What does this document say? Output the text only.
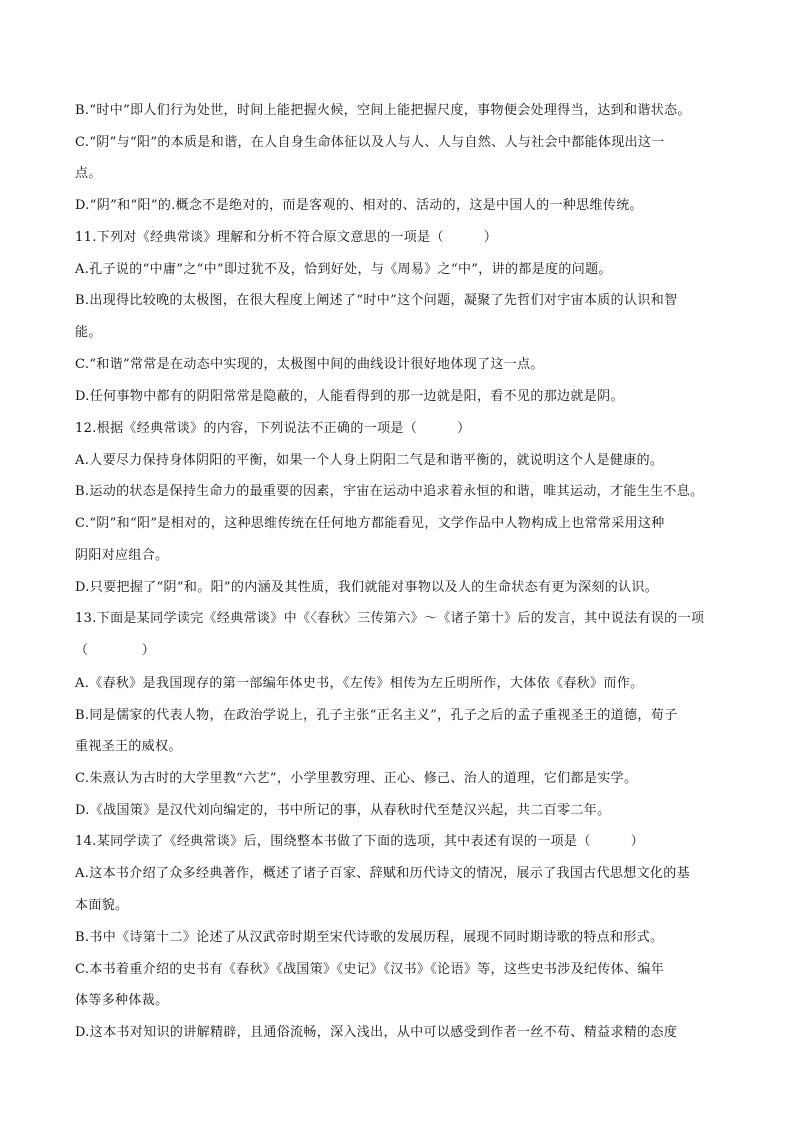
B.“时中”即人们行为处世，时间上能把握火候，空间上能把握尺度，事物便会处理得当，达到和谐状态。
C.“阴”与“阳”的本质是和谐，在人自身生命体征以及人与人、人与自然、人与社会中都能体现出这一
点。
D.“阴”和“阳”的.概念不是绝对的，而是客观的、相对的、活动的，这是中国人的一种思维传统。
11.下列对《经典常谈》理解和分析不符合原文意思的一项是（　　　）
A.孔子说的“中庸”之“中”即过犹不及，恰到好处，与《周易》之“中”，讲的都是度的问题。
B.出现得比较晚的太极图，在很大程度上阐述了“时中”这个问题，凝聚了先哲们对宇宙本质的认识和智
能。
C.“和谐”常常是在动态中实现的，太极图中间的曲线设计很好地体现了这一点。
D.任何事物中都有的阴阳常常是隐蔽的，人能看得到的那一边就是阳，看不见的那边就是阴。
12.根据《经典常谈》的内容，下列说法不正确的一项是（　　　）
A.人要尽力保持身体阴阳的平衡，如果一个人身上阴阳二气是和谐平衡的，就说明这个人是健康的。
B.运动的状态是保持生命力的最重要的因素，宇宙在运动中追求着永恒的和谐，唯其运动，才能生生不息。
C.“阴”和“阳”是相对的，这种思维传统在任何地方都能看见，文学作品中人物构成上也常常采用这种
阴阳对应组合。
D.只要把握了“阴”和。阳”的内涵及其性质，我们就能对事物以及人的生命状态有更为深刻的认识。
13.下面是某同学读完《经典常谈》中《〈春秋〉三传第六》～《诸子第十》后的发言，其中说法有误的一项
（　　　　）
A.《春秋》是我国现存的第一部编年体史书，《左传》相传为左丘明所作，大体依《春秋》而作。
B.同是儒家的代表人物，在政治学说上，孔子主张“正名主义”，孔子之后的孟子重视圣王的道德，荀子
重视圣王的威权。
C.朱熹认为古时的大学里教“六艺”，小学里教穷理、正心、修己、治人的道理，它们都是实学。
D.《战国策》是汉代刘向编定的，书中所记的事，从春秋时代至楚汉兴起，共二百零二年。
14.某同学读了《经典常谈》后，围绕整本书做了下面的选项，其中表述有误的一项是（　　　）
A.这本书介绍了众多经典著作，概述了诸子百家、辞赋和历代诗文的情况，展示了我国古代思想文化的基
本面貌。
B.书中《诗第十二》论述了从汉武帝时期至宋代诗歌的发展历程，展现不同时期诗歌的特点和形式。
C.本书着重介绍的史书有《春秋》《战国策》《史记》《汉书》《论语》等，这些史书涉及纪传体、编年
体等多种体裁。
D.这本书对知识的讲解精辟，且通俗流畅，深入浅出，从中可以感受到作者一丝不苟、精益求精的态度
